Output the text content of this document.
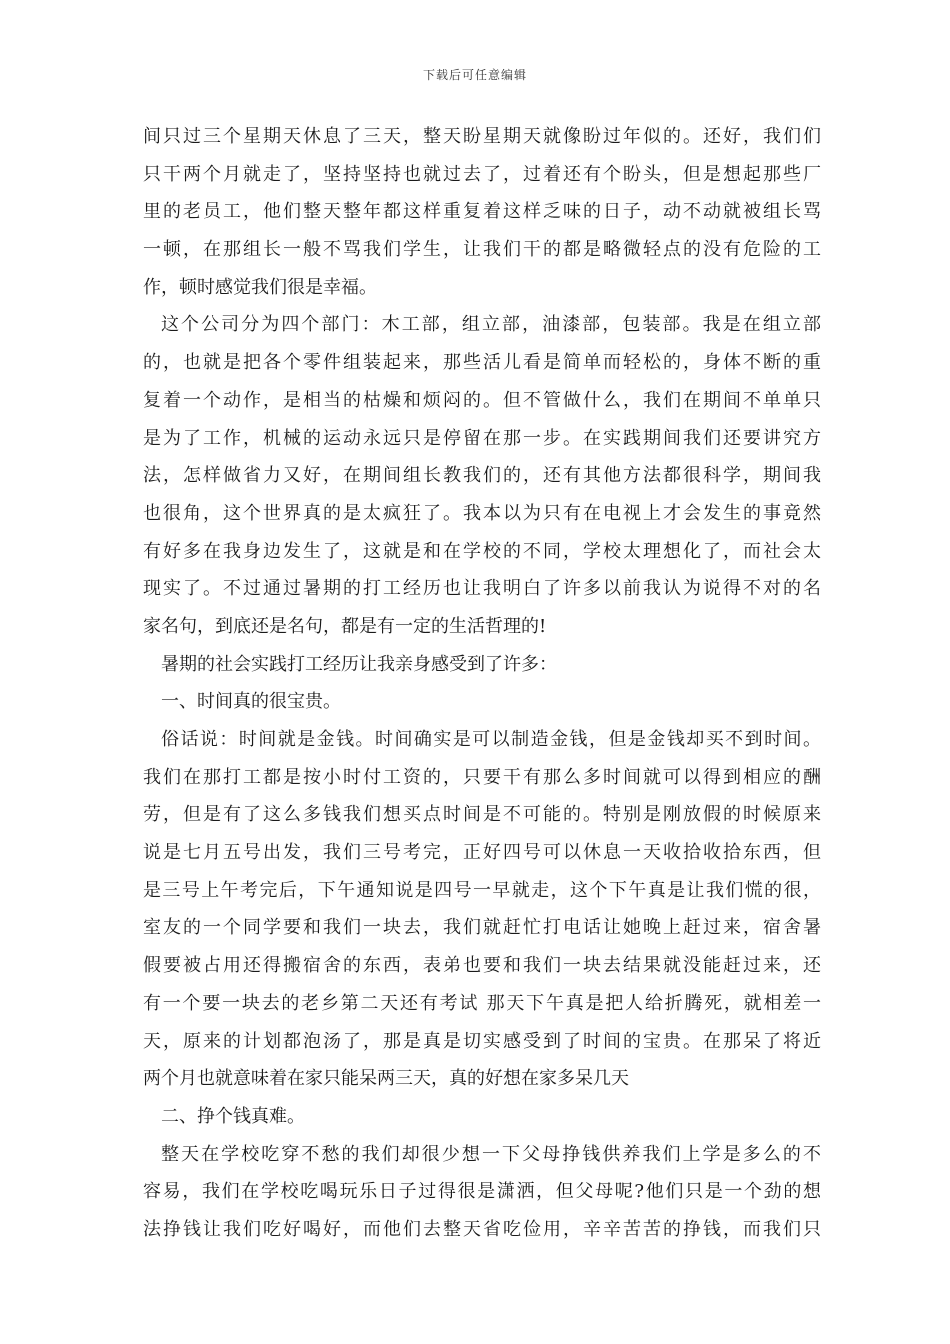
下载后可任意编辑
间只过三个星期天休息了三天，整天盼星期天就像盼过年似的。还好，我们们
只干两个月就走了，坚持坚持也就过去了，过着还有个盼头，但是想起那些厂
里的老员工，他们整天整年都这样重复着这样乏味的日子，动不动就被组长骂
一顿，在那组长一般不骂我们学生，让我们干的都是略微轻点的没有危险的工
作，顿时感觉我们很是幸福。
这个公司分为四个部门：木工部，组立部，油漆部，包装部。我是在组立部
的，也就是把各个零件组装起来，那些活儿看是简单而轻松的，身体不断的重
复着一个动作，是相当的枯燥和烦闷的。但不管做什么，我们在期间不单单只
是为了工作，机械的运动永远只是停留在那一步。在实践期间我们还要讲究方
法，怎样做省力又好，在期间组长教我们的，还有其他方法都很科学，期间我
也很角，这个世界真的是太疯狂了。我本以为只有在电视上才会发生的事竟然
有好多在我身边发生了，这就是和在学校的不同，学校太理想化了，而社会太
现实了。不过通过暑期的打工经历也让我明白了许多以前我认为说得不对的名
家名句，到底还是名句，都是有一定的生活哲理的!
暑期的社会实践打工经历让我亲身感受到了许多：
一、时间真的很宝贵。
俗话说：时间就是金钱。时间确实是可以制造金钱，但是金钱却买不到时间。
我们在那打工都是按小时付工资的，只要干有那么多时间就可以得到相应的酬
劳，但是有了这么多钱我们想买点时间是不可能的。特别是刚放假的时候原来
说是七月五号出发，我们三号考完，正好四号可以休息一天收拾收拾东西，但
是三号上午考完后，下午通知说是四号一早就走，这个下午真是让我们慌的很，
室友的一个同学要和我们一块去，我们就赶忙打电话让她晚上赶过来，宿舍暑
假要被占用还得搬宿舍的东西，表弟也要和我们一块去结果就没能赶过来，还
有一个要一块去的老乡第二天还有考试 那天下午真是把人给折腾死，就相差一
天，原来的计划都泡汤了，那是真是切实感受到了时间的宝贵。在那呆了将近
两个月也就意味着在家只能呆两三天，真的好想在家多呆几天
二、挣个钱真难。
整天在学校吃穿不愁的我们却很少想一下父母挣钱供养我们上学是多么的不
容易，我们在学校吃喝玩乐日子过得很是潇洒，但父母呢?他们只是一个劲的想
法挣钱让我们吃好喝好，而他们去整天省吃俭用，辛辛苦苦的挣钱，而我们只
